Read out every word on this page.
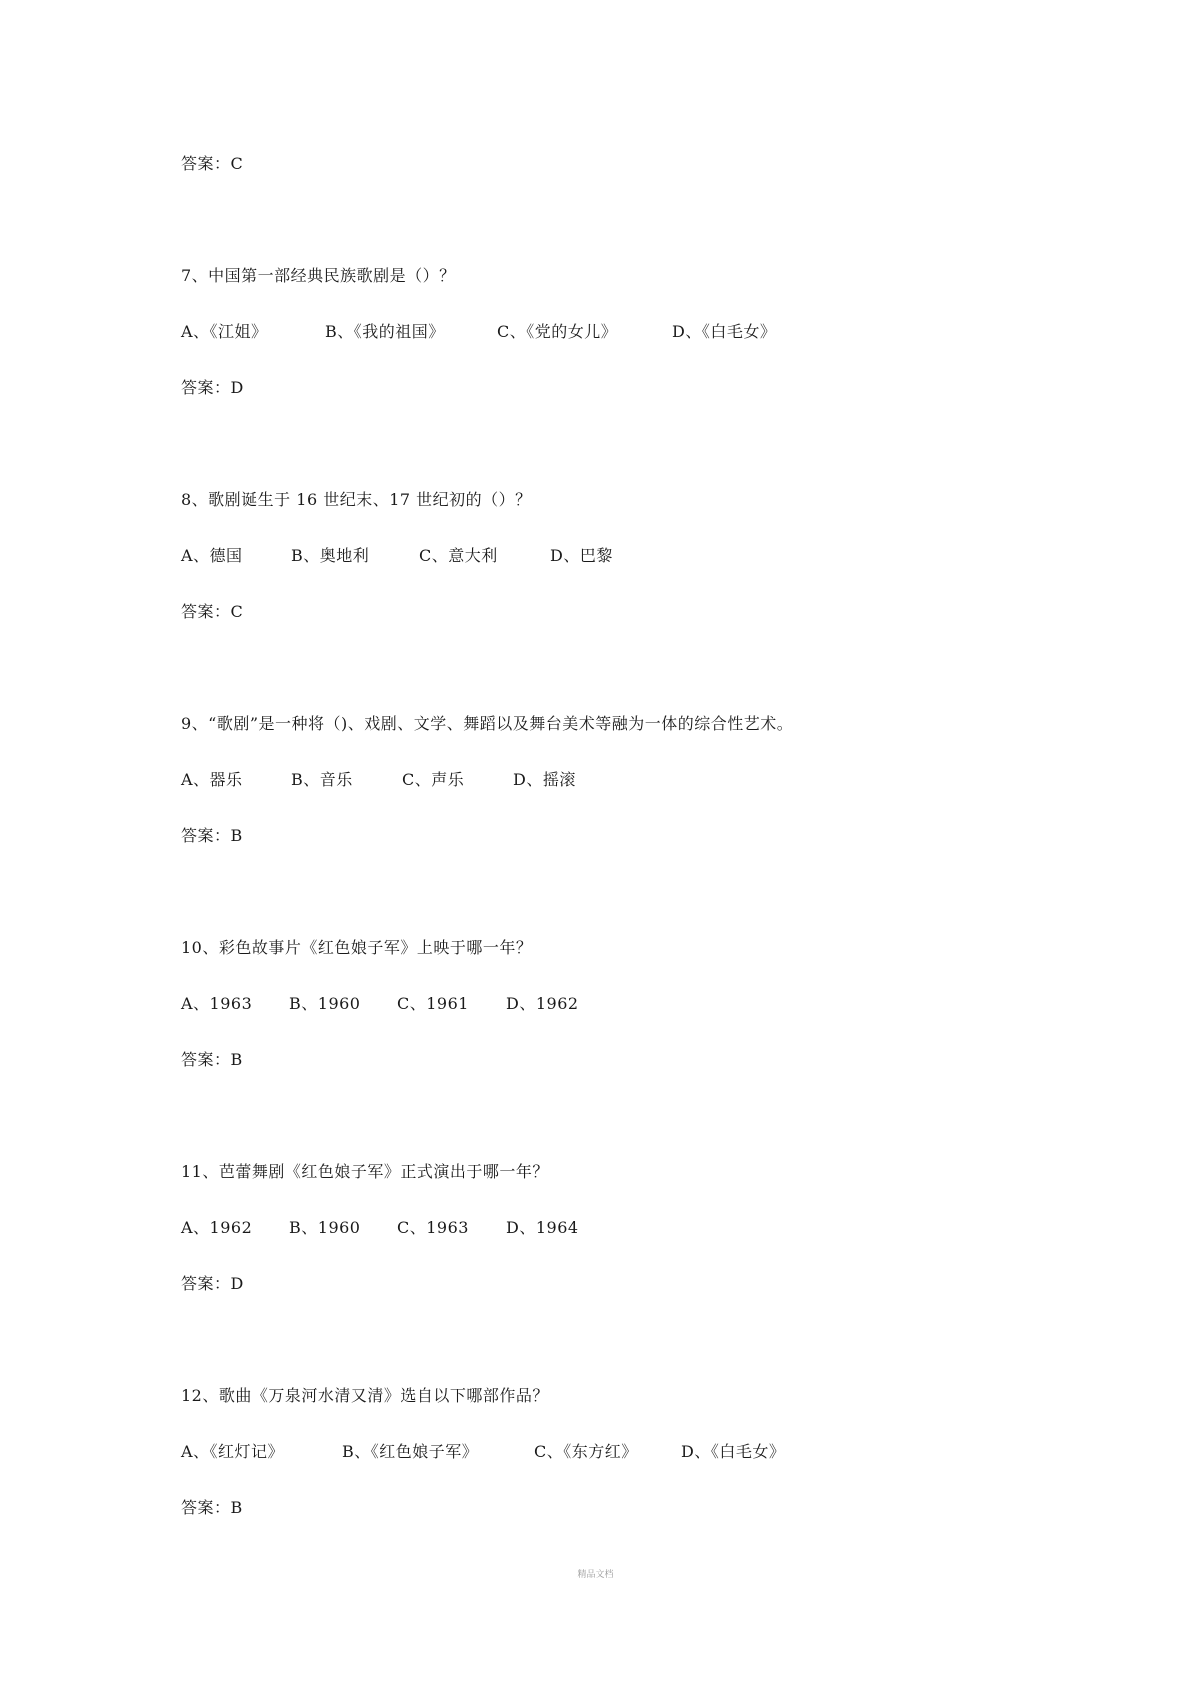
答案：C
7、中国第一部经典民族歌剧是（）？
A、《江姐》	B、《我的祖国》	C、《党的女儿》	D、《白毛女》
答案：D
8、歌剧诞生于 16 世纪末、17 世纪初的（）？
A、德国	B、奥地利	C、意大利	D、巴黎
答案：C
9、“歌剧”是一种将（)、戏剧、文学、舞蹈以及舞台美术等融为一体的综合性艺术。
A、器乐	B、音乐	C、声乐	D、摇滚
答案：B
10、彩色故事片《红色娘子军》上映于哪一年？
A、1963 B、1960 C、1961 D、1962
答案：B
11、芭蕾舞剧《红色娘子军》正式演出于哪一年？
A、1962 B、1960 C、1963 D、1964
答案：D
12、歌曲《万泉河水清又清》选自以下哪部作品？
A、《红灯记》	B、《红色娘子军》	C、《东方红》	D、《白毛女》
答案：B
精品文档
